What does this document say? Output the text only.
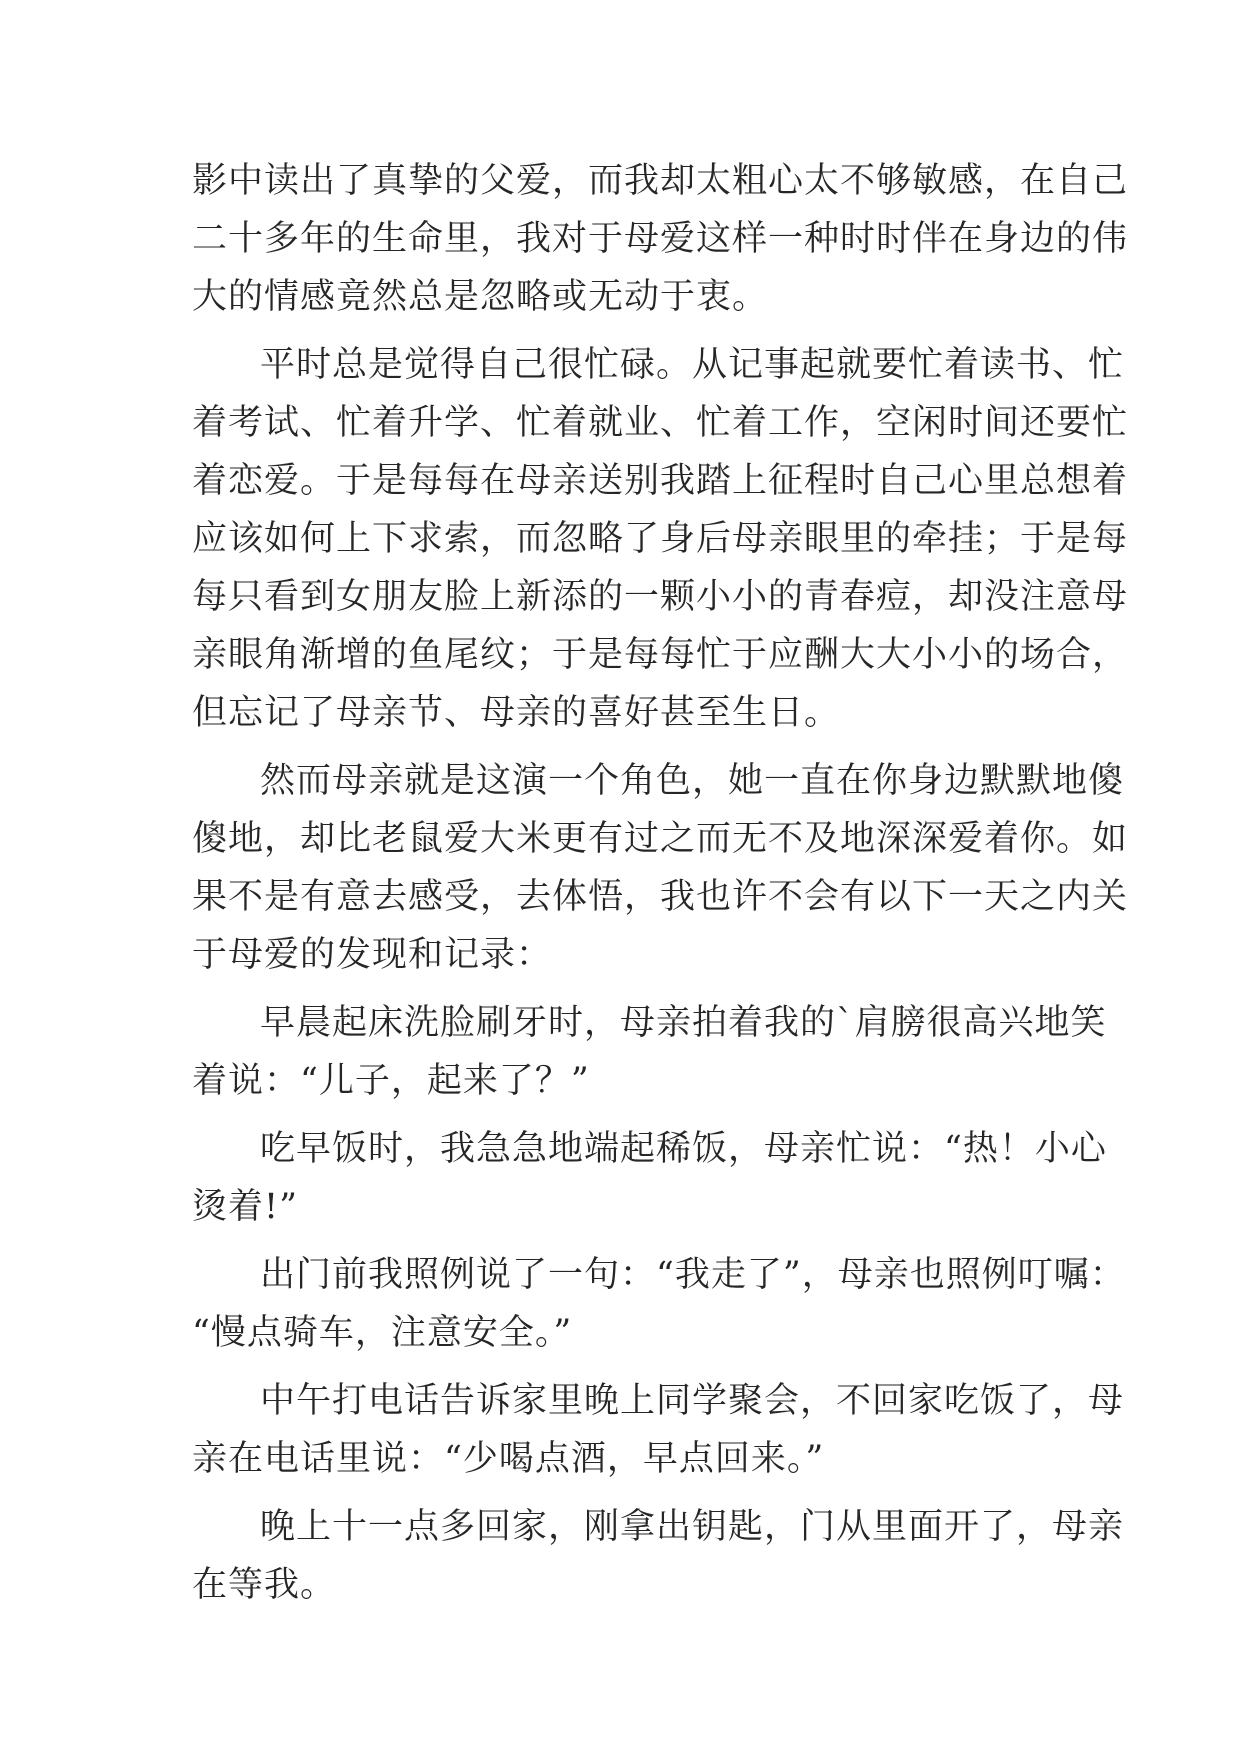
影中读出了真挚的父爱，而我却太粗心太不够敏感，在自己
二十多年的生命里，我对于母爱这样一种时时伴在身边的伟
大的情感竟然总是忽略或无动于衷。
平时总是觉得自己很忙碌。从记事起就要忙着读书、忙
着考试、忙着升学、忙着就业、忙着工作，空闲时间还要忙
着恋爱。于是每每在母亲送别我踏上征程时自己心里总想着
应该如何上下求索，而忽略了身后母亲眼里的牵挂；于是每
每只看到女朋友脸上新添的一颗小小的青春痘，却没注意母
亲眼角渐增的鱼尾纹；于是每每忙于应酬大大小小的场合，
但忘记了母亲节、母亲的喜好甚至生日。
然而母亲就是这演一个角色，她一直在你身边默默地傻
傻地，却比老鼠爱大米更有过之而无不及地深深爱着你。如
果不是有意去感受，去体悟，我也许不会有以下一天之内关
于母爱的发现和记录：
早晨起床洗脸刷牙时，母亲拍着我的`肩膀很高兴地笑
着说：“儿子，起来了？”
吃早饭时，我急急地端起稀饭，母亲忙说：“热！小心
烫着!”
出门前我照例说了一句：“我走了”，母亲也照例叮嘱：
“慢点骑车，注意安全。”
中午打电话告诉家里晚上同学聚会，不回家吃饭了，母
亲在电话里说：“少喝点酒，早点回来。”
晚上十一点多回家，刚拿出钥匙，门从里面开了，母亲
在等我。
